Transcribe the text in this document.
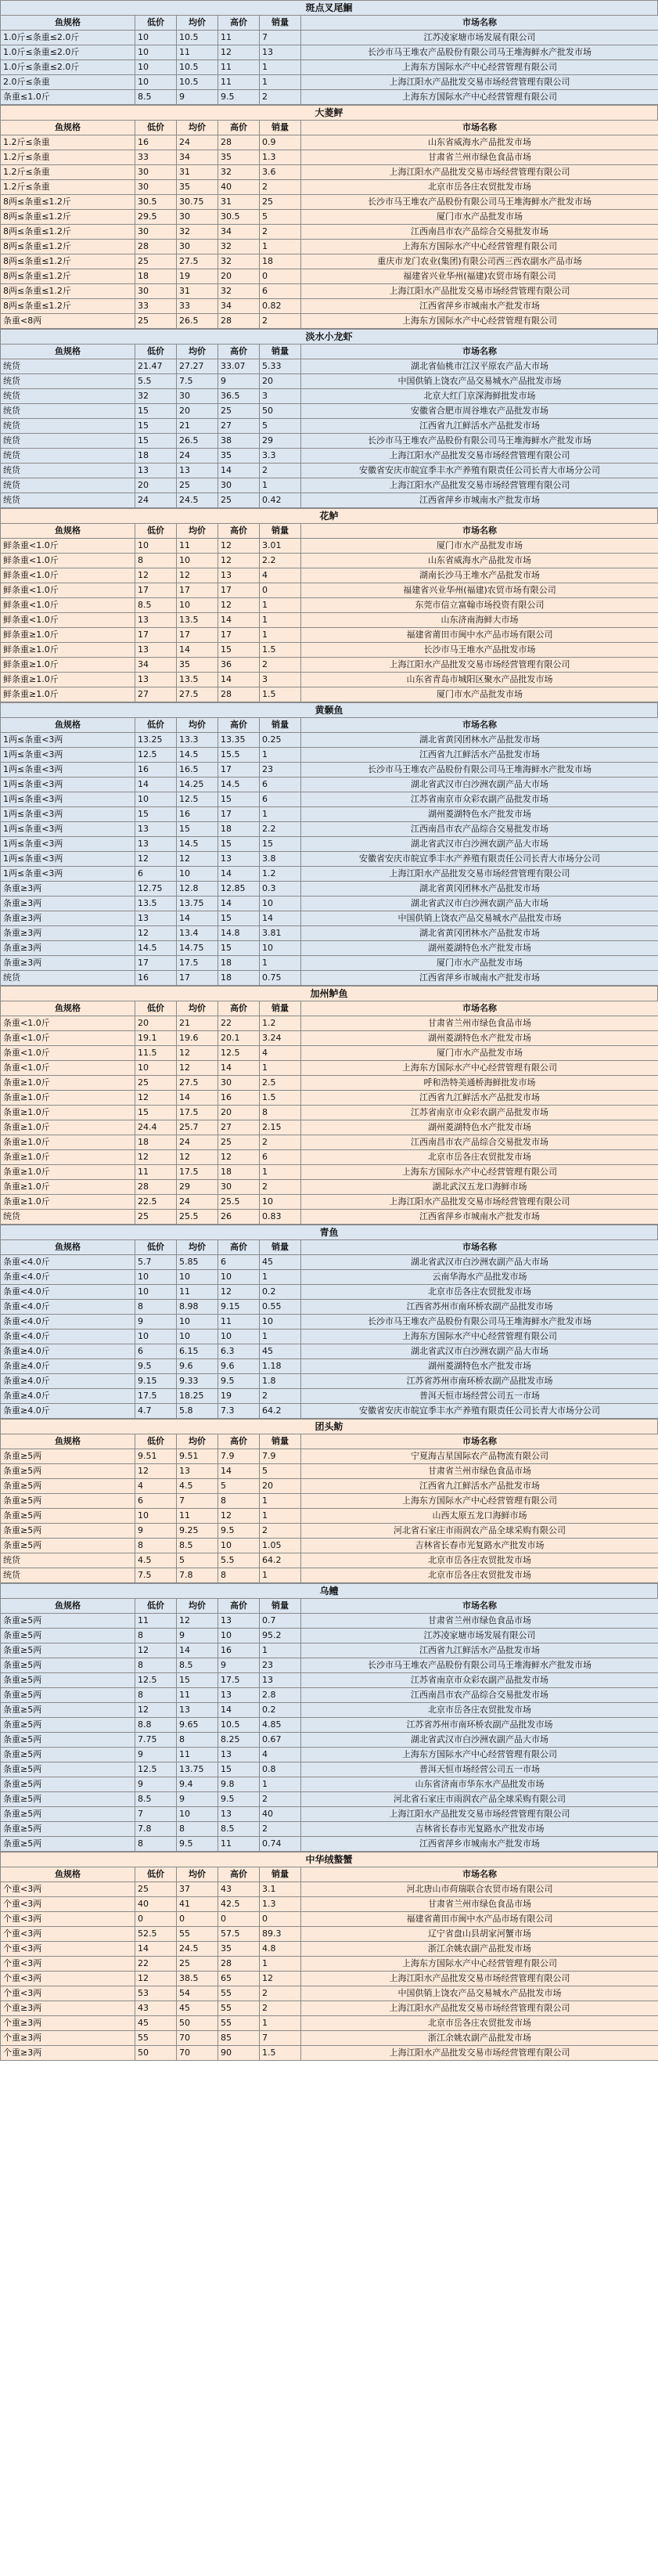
斑点叉尾鮰
鱼规格	低价	均价	高价	销量	市场名称
1.0斤≤条重≤2.0斤	10	10.5	11	7	江苏凌家塘市场发展有限公司
1.0斤≤条重≤2.0斤	10	11	12	13	长沙市马王堆农产品股份有限公司马王堆海鲜水产批发市场
1.0斤≤条重≤2.0斤	10	10.5	11	1	上海东方国际水产中心经营管理有限公司
2.0斤≤条重	10	10.5	11	1	上海江阳水产品批发交易市场经营管理有限公司
条重≤1.0斤	8.5	9	9.5	2	上海东方国际水产中心经营管理有限公司
大菱鲆
鱼规格	低价	均价	高价	销量	市场名称
1.2斤≤条重	16	24	28	0.9	山东省威海水产品批发市场
1.2斤≤条重	33	34	35	1.3	甘肃省兰州市绿色食品市场
1.2斤≤条重	30	31	32	3.6	上海江阳水产品批发交易市场经营管理有限公司
1.2斤≤条重	30	35	40	2	北京市岳各庄农贸批发市场
8两≤条重≤1.2斤	30.5	30.75	31	25	长沙市马王堆农产品股份有限公司马王堆海鲜水产批发市场
8两≤条重≤1.2斤	29.5	30	30.5	5	厦门市水产品批发市场
8两≤条重≤1.2斤	30	32	34	2	江西南昌市农产品综合交易批发市场
8两≤条重≤1.2斤	28	30	32	1	上海东方国际水产中心经营管理有限公司
8两≤条重≤1.2斤	25	27.5	32	18	重庆市龙门农业(集团)有限公司西三西农副水产品市场
8两≤条重≤1.2斤	18	19	20	0	福建省兴业华州(福建)农贸市场有限公司
8两≤条重≤1.2斤	30	31	32	6	上海江阳水产品批发交易市场经营管理有限公司
8两≤条重≤1.2斤	33	33	34	0.82	江西省萍乡市城南水产批发市场
条重<8两	25	26.5	28	2	上海东方国际水产中心经营管理有限公司
淡水小龙虾
鱼规格	低价	均价	高价	销量	市场名称
统货	21.47	27.27	33.07	5.33	湖北省仙桃市江汉平原农产品大市场
统货	5.5	7.5	9	20	中国供销上饶农产品交易城水产品批发市场
统货	32	30	36.5	3	北京大红门京深海鲜批发市场
统货	15	20	25	50	安徽省合肥市周谷堆农产品批发市场
统货	15	21	27	5	江西省九江鲜活水产品批发市场
统货	15	26.5	38	29	长沙市马王堆农产品股份有限公司马王堆海鲜水产批发市场
统货	18	24	35	3.3	上海江阳水产品批发交易市场经营管理有限公司
统货	13	13	14	2	安徽省安庆市皖宜季丰水产养殖有限责任公司长青大市场分公司
统货	20	25	30	1	上海江阳水产品批发交易市场经营管理有限公司
统货	24	24.5	25	0.42	江西省萍乡市城南水产批发市场
花鲈
鱼规格	低价	均价	高价	销量	市场名称
鲜条重<1.0斤	10	11	12	3.01	厦门市水产品批发市场
鲜条重<1.0斤	8	10	12	2.2	山东省威海水产品批发市场
鲜条重<1.0斤	12	12	13	4	湖南长沙马王堆水产品批发市场
鲜条重<1.0斤	17	17	17	0	福建省兴业华州(福建)农贸市场有限公司
鲜条重<1.0斤	8.5	10	12	1	东莞市信立富翰市场投资有限公司
鲜条重<1.0斤	13	13.5	14	1	山东济南海鲜大市场
鲜条重≥1.0斤	17	17	17	1	福建省莆田市闽中水产品市场有限公司
鲜条重≥1.0斤	13	14	15	1.5	长沙市马王堆水产品批发市场
鲜条重≥1.0斤	34	35	36	2	上海江阳水产品批发交易市场经营管理有限公司
鲜条重≥1.0斤	13	13.5	14	3	山东省青岛市城阳区聚水产品批发市场
鲜条重≥1.0斤	27	27.5	28	1.5	厦门市水产品批发市场
黄颡鱼
鱼规格	低价	均价	高价	销量	市场名称
1两≤条重<3两	13.25	13.3	13.35	0.25	湖北省黄冈团林水产品批发市场
1两≤条重<3两	12.5	14.5	15.5	1	江西省九江鲜活水产品批发市场
1两≤条重<3两	16	16.5	17	23	长沙市马王堆农产品股份有限公司马王堆海鲜水产批发市场
1两≤条重<3两	14	14.25	14.5	6	湖北省武汉市白沙洲农副产品大市场
1两≤条重<3两	10	12.5	15	6	江苏省南京市众彩农副产品批发市场
1两≤条重<3两	15	16	17	1	湖州菱湖特色水产批发市场
1两≤条重<3两	13	15	18	2.2	江西南昌市农产品综合交易批发市场
1两≤条重<3两	13	14.5	15	15	湖北省武汉市白沙洲农副产品大市场
1两≤条重<3两	12	12	13	3.8	安徽省安庆市皖宜季丰水产养殖有限责任公司长青大市场分公司
1两≤条重<3两	6	10	14	1.2	上海江阳水产品批发交易市场经营管理有限公司
条重≥3两	12.75	12.8	12.85	0.3	湖北省黄冈团林水产品批发市场
条重≥3两	13.5	13.75	14	10	湖北省武汉市白沙洲农副产品大市场
条重≥3两	13	14	15	14	中国供销上饶农产品交易城水产品批发市场
条重≥3两	12	13.4	14.8	3.81	湖北省黄冈团林水产品批发市场
条重≥3两	14.5	14.75	15	10	湖州菱湖特色水产批发市场
条重≥3两	17	17.5	18	1	厦门市水产品批发市场
统货	16	17	18	0.75	江西省萍乡市城南水产批发市场
加州鲈鱼
鱼规格	低价	均价	高价	销量	市场名称
条重<1.0斤	20	21	22	1.2	甘肃省兰州市绿色食品市场
条重<1.0斤	19.1	19.6	20.1	3.24	湖州菱湖特色水产批发市场
条重<1.0斤	11.5	12	12.5	4	厦门市水产品批发市场
条重<1.0斤	10	12	14	1	上海东方国际水产中心经营管理有限公司
条重≥1.0斤	25	27.5	30	2.5	呼和浩特美通桥海鲜批发市场
条重≥1.0斤	12	14	16	1.5	江西省九江鲜活水产品批发市场
条重≥1.0斤	15	17.5	20	8	江苏省南京市众彩农副产品批发市场
条重≥1.0斤	24.4	25.7	27	2.15	湖州菱湖特色水产批发市场
条重≥1.0斤	18	24	25	2	江西南昌市农产品综合交易批发市场
条重≥1.0斤	12	12	12	6	北京市岳各庄农贸批发市场
条重≥1.0斤	11	17.5	18	1	上海东方国际水产中心经营管理有限公司
条重≥1.0斤	28	29	30	2	湖北武汉五龙口海鲜市场
条重≥1.0斤	22.5	24	25.5	10	上海江阳水产品批发交易市场经营管理有限公司
统货	25	25.5	26	0.83	江西省萍乡市城南水产批发市场
青鱼
鱼规格	低价	均价	高价	销量	市场名称
条重<4.0斤	5.7	5.85	6	45	湖北省武汉市白沙洲农副产品大市场
条重<4.0斤	10	10	10	1	云南华海水产品批发市场
条重<4.0斤	10	11	12	0.2	北京市岳各庄农贸批发市场
条重<4.0斤	8	8.98	9.15	0.55	江西省苏州市南环桥农副产品批发市场
条重<4.0斤	9	10	11	10	长沙市马王堆农产品股份有限公司马王堆海鲜水产批发市场
条重<4.0斤	10	10	10	1	上海东方国际水产中心经营管理有限公司
条重≥4.0斤	6	6.15	6.3	45	湖北省武汉市白沙洲农副产品大市场
条重≥4.0斤	9.5	9.6	9.6	1.18	湖州菱湖特色水产批发市场
条重≥4.0斤	9.15	9.33	9.5	1.8	江苏省苏州市南环桥农副产品批发市场
条重≥4.0斤	17.5	18.25	19	2	普洱天恒市场经营公司五一市场
条重≥4.0斤	4.7	5.8	7.3	64.2	安徽省安庆市皖宜季丰水产养殖有限责任公司长青大市场分公司
团头鲂
鱼规格	低价	均价	高价	销量	市场名称
条重≥5两	9.51	9.51	7.9	7.9	宁夏海吉星国际农产品物流有限公司
条重≥5两	12	13	14	5	甘肃省兰州市绿色食品市场
条重≥5两	4	4.5	5	20	江西省九江鲜活水产品批发市场
条重≥5两	6	7	8	1	上海东方国际水产中心经营管理有限公司
条重≥5两	10	11	12	1	山西太原五龙口海鲜市场
条重≥5两	9	9.25	9.5	2	河北省石家庄市雨润农产品全球采购有限公司
条重≥5两	8	8.5	10	1.05	吉林省长春市光复路水产批发市场
统货	4.5	5	5.5	64.2	北京市岳各庄农贸批发市场
统货	7.5	7.8	8	1	北京市岳各庄农贸批发市场
乌鳢
鱼规格	低价	均价	高价	销量	市场名称
条重≥5两	11	12	13	0.7	甘肃省兰州市绿色食品市场
条重≥5两	8	9	10	95.2	江苏凌家塘市场发展有限公司
条重≥5两	12	14	16	1	江西省九江鲜活水产品批发市场
条重≥5两	8	8.5	9	23	长沙市马王堆农产品股份有限公司马王堆海鲜水产批发市场
条重≥5两	12.5	15	17.5	13	江苏省南京市众彩农副产品批发市场
条重≥5两	8	11	13	2.8	江西南昌市农产品综合交易批发市场
条重≥5两	12	13	14	0.2	北京市岳各庄农贸批发市场
条重≥5两	8.8	9.65	10.5	4.85	江苏省苏州市南环桥农副产品批发市场
条重≥5两	7.75	8	8.25	0.67	湖北省武汉市白沙洲农副产品大市场
条重≥5两	9	11	13	4	上海东方国际水产中心经营管理有限公司
条重≥5两	12.5	13.75	15	0.8	普洱天恒市场经营公司五一市场
条重≥5两	9	9.4	9.8	1	山东省济南市华东水产品批发市场
条重≥5两	8.5	9	9.5	2	河北省石家庄市雨润农产品全球采购有限公司
条重≥5两	7	10	13	40	上海江阳水产品批发交易市场经营管理有限公司
条重≥5两	7.8	8	8.5	2	吉林省长春市光复路水产批发市场
条重≥5两	8	9.5	11	0.74	江西省萍乡市城南水产批发市场
中华绒螯蟹
鱼规格	低价	均价	高价	销量	市场名称
个重<3两	25	37	43	3.1	河北唐山市荷瑞联合农贸市场有限公司
个重<3两	40	41	42.5	1.3	甘肃省兰州市绿色食品市场
个重<3两	0	0	0	0	福建省莆田市闽中水产品市场有限公司
个重<3两	52.5	55	57.5	89.3	辽宁省盘山县胡家河蟹市场
个重<3两	14	24.5	35	4.8	浙江余姚农副产品批发市场
个重<3两	22	25	28	1	上海东方国际水产中心经营管理有限公司
个重<3两	12	38.5	65	12	上海江阳水产品批发交易市场经营管理有限公司
个重<3两	53	54	55	2	中国供销上饶农产品交易城水产品批发市场
个重≥3两	43	45	55	2	上海江阳水产品批发交易市场经营管理有限公司
个重≥3两	45	50	55	1	北京市岳各庄农贸批发市场
个重≥3两	55	70	85	7	浙江余姚农副产品批发市场
个重≥3两	50	70	90	1.5	上海江阳水产品批发交易市场经营管理有限公司
